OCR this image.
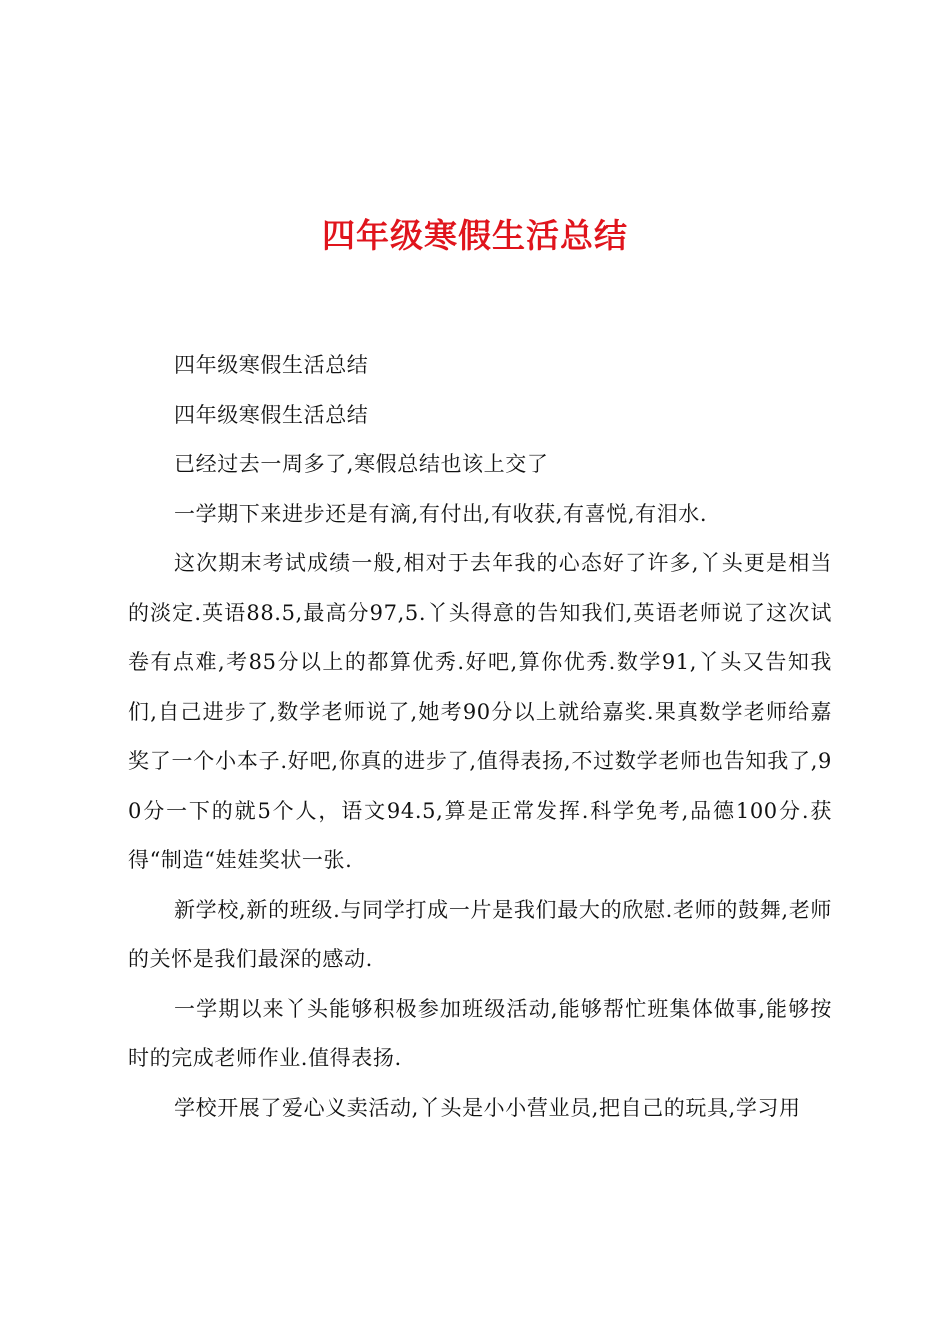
四年级寒假生活总结

四年级寒假生活总结

四年级寒假生活总结

已经过去一周多了,寒假总结也该上交了

一学期下来进步还是有滴,有付出,有收获,有喜悦,有泪水.

这次期末考试成绩一般,相对于去年我的心态好了许多,丫头更是相当的淡定.英语88.5,最高分97,5.丫头得意的告知我们,英语老师说了这次试卷有点难,考85分以上的都算优秀.好吧,算你优秀.数学91,丫头又告知我们,自己进步了,数学老师说了,她考90分以上就给嘉奖.果真数学老师给嘉奖了一个小本子.好吧,你真的进步了,值得表扬,不过数学老师也告知我了,90分一下的就5个人，语文94.5,算是正常发挥.科学免考,品德100分.获得“制造“娃娃奖状一张.

新学校,新的班级.与同学打成一片是我们最大的欣慰.老师的鼓舞,老师的关怀是我们最深的感动.

一学期以来丫头能够积极参加班级活动,能够帮忙班集体做事,能够按时的完成老师作业.值得表扬.

学校开展了爱心义卖活动,丫头是小小营业员,把自己的玩具,学习用
